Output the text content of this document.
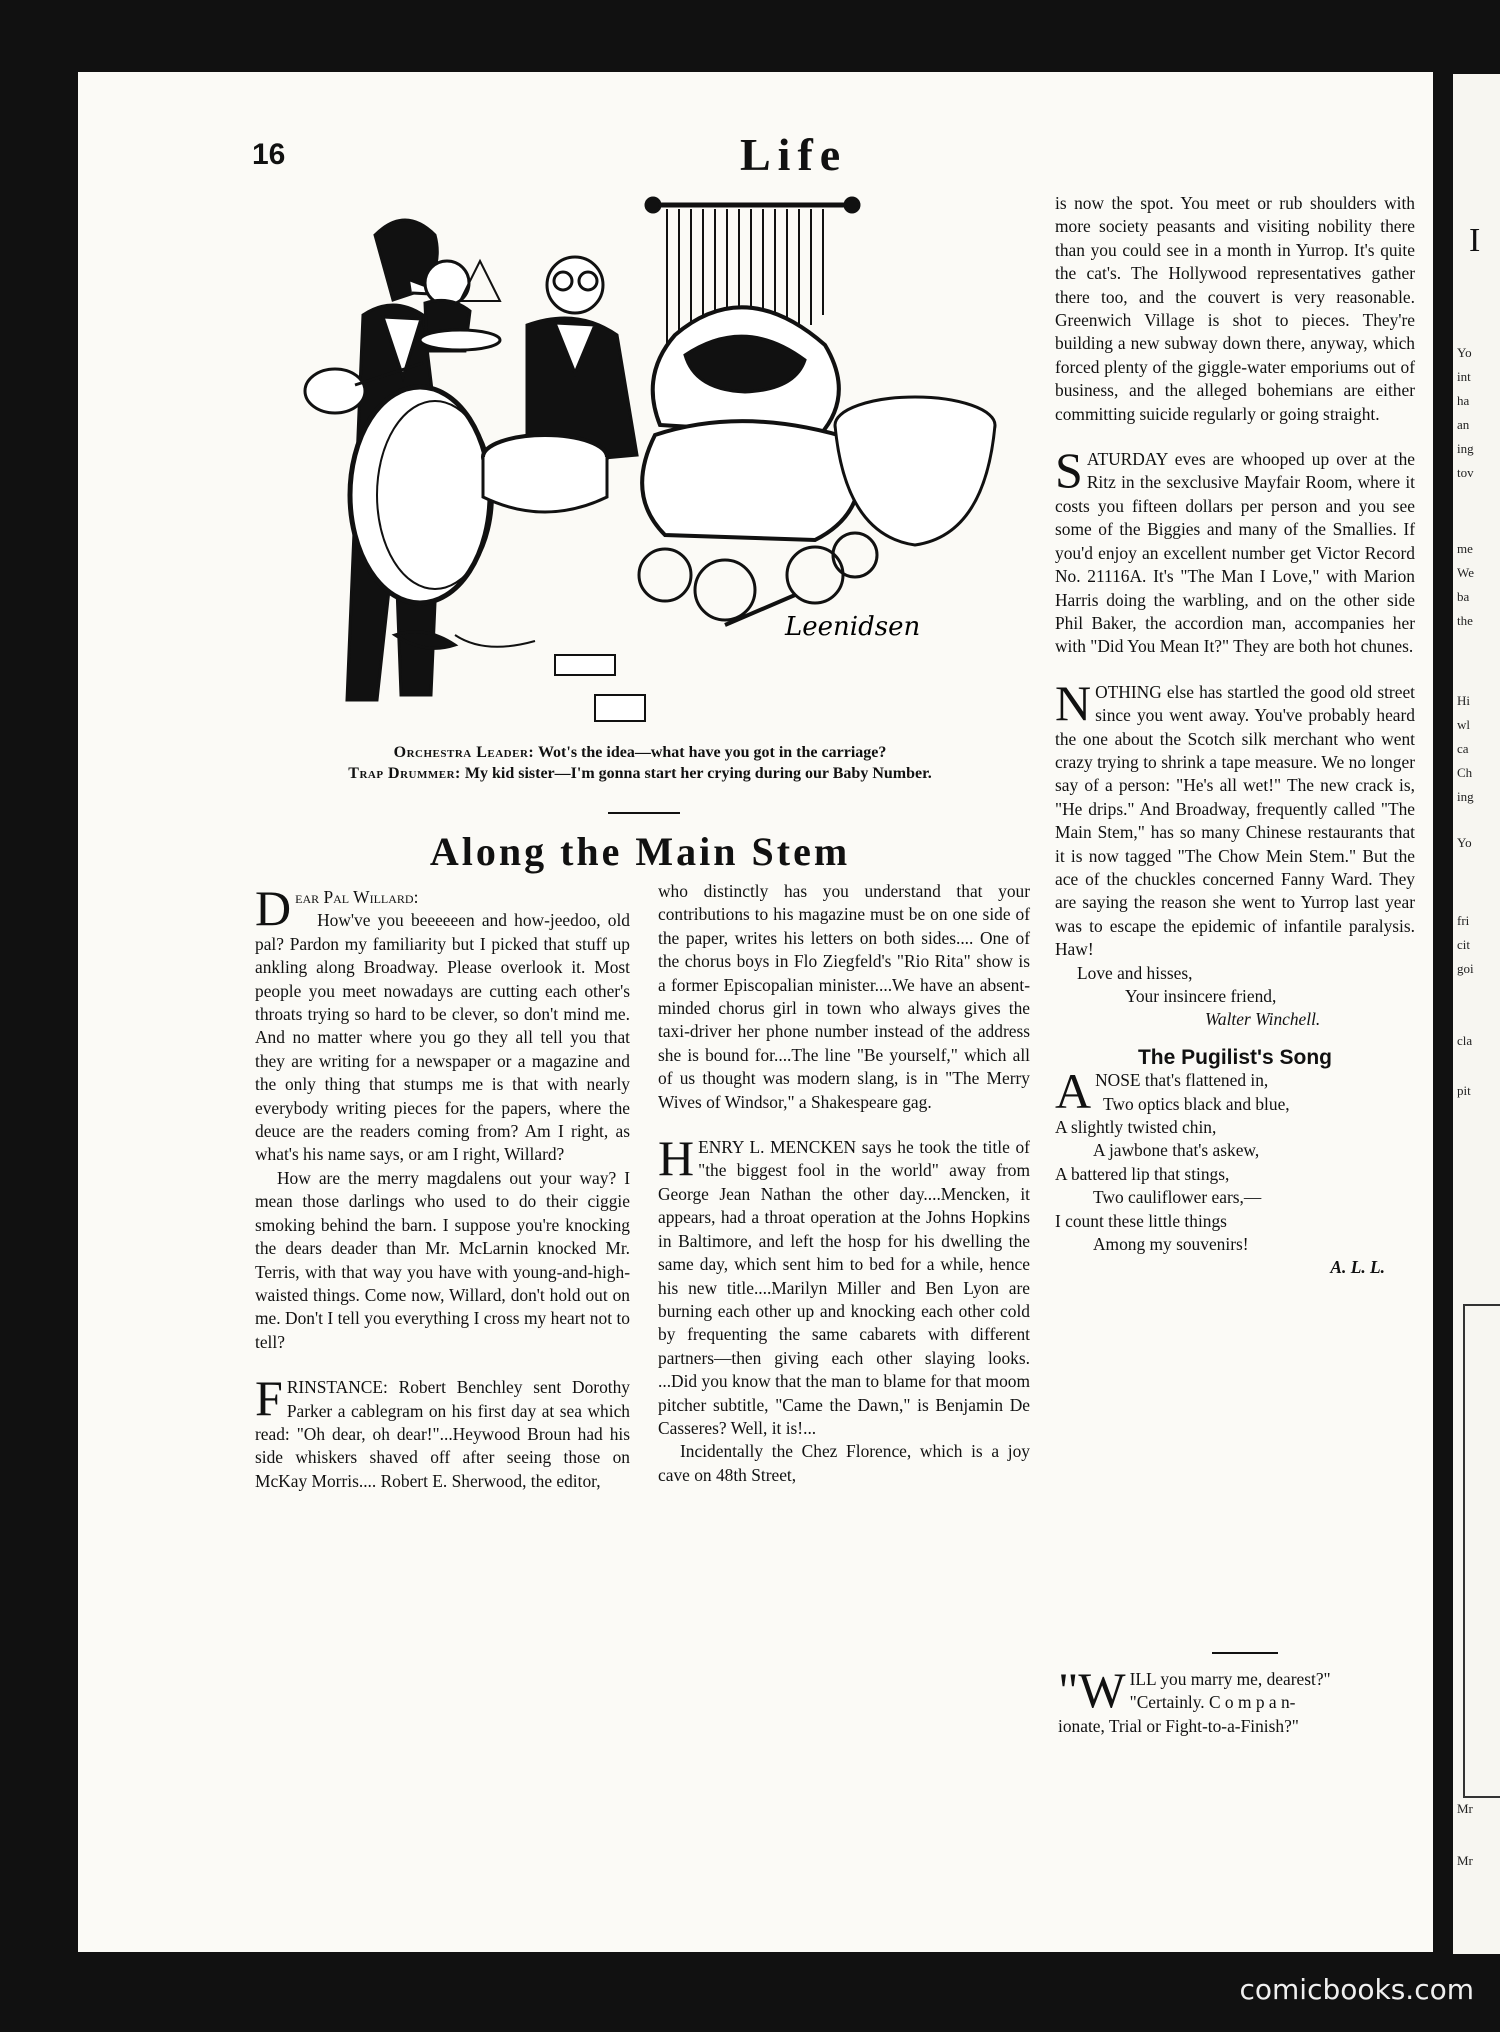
I
Yo
int
ha
an
ing
tov
me
We
ba
the
Hi
wl
ca
Ch
ing
Yo
fri
cit
goi
cla
pit
Mr
Mr
16	Life
Leenidsen
Orchestra Leader: Wot's the idea—what have you got in the carriage?
Trap Drummer: My kid sister—I'm gonna start her crying during our Baby Number.
Along the Main Stem

Dear Pal Willard:

How've you beeeeeen and how-jeedoo, old pal? Pardon my familiarity but I picked that stuff up ankling along Broadway. Please overlook it. Most people you meet nowadays are cutting each other's throats trying so hard to be clever, so don't mind me. And no matter where you go they all tell you that they are writing for a newspaper or a magazine and the only thing that stumps me is that with nearly everybody writing pieces for the papers, where the deuce are the readers coming from? Am I right, as what's his name says, or am I right, Willard?

How are the merry magdalens out your way? I mean those darlings who used to do their ciggie smoking behind the barn. I suppose you're knocking the dears deader than Mr. McLarnin knocked Mr. Terris, with that way you have with young-and-high-waisted things. Come now, Willard, don't hold out on me. Don't I tell you everything I cross my heart not to tell?

FRINSTANCE: Robert Benchley sent Dorothy Parker a cablegram on his first day at sea which read: "Oh dear, oh dear!"...Heywood Broun had his side whiskers shaved off after seeing those on McKay Morris.... Robert E. Sherwood, the editor,

who distinctly has you understand that your contributions to his magazine must be on one side of the paper, writes his letters on both sides.... One of the chorus boys in Flo Ziegfeld's "Rio Rita" show is a former Episcopalian minister....We have an absent-minded chorus girl in town who always gives the taxi-driver her phone number instead of the address she is bound for....The line "Be yourself," which all of us thought was modern slang, is in "The Merry Wives of Windsor," a Shakespeare gag.

HENRY L. MENCKEN says he took the title of "the biggest fool in the world" away from George Jean Nathan the other day....Mencken, it appears, had a throat operation at the Johns Hopkins in Baltimore, and left the hosp for his dwelling the same day, which sent him to bed for a while, hence his new title....Marilyn Miller and Ben Lyon are burning each other up and knocking each other cold by frequenting the same cabarets with different partners—then giving each other slaying looks. ...Did you know that the man to blame for that moom pitcher subtitle, "Came the Dawn," is Benjamin De Casseres? Well, it is!...

Incidentally the Chez Florence, which is a joy cave on 48th Street,

is now the spot. You meet or rub shoulders with more society peasants and visiting nobility there than you could see in a month in Yurrop. It's quite the cat's. The Hollywood representatives gather there too, and the couvert is very reasonable. Greenwich Village is shot to pieces. They're building a new subway down there, anyway, which forced plenty of the giggle-water emporiums out of business, and the alleged bohemians are either committing suicide regularly or going straight.

SATURDAY eves are whooped up over at the Ritz in the sexclusive Mayfair Room, where it costs you fifteen dollars per person and you see some of the Biggies and many of the Smallies. If you'd enjoy an excellent number get Victor Record No. 21116A. It's "The Man I Love," with Marion Harris doing the warbling, and on the other side Phil Baker, the accordion man, accompanies her with "Did You Mean It?" They are both hot chunes.

NOTHING else has startled the good old street since you went away. You've probably heard the one about the Scotch silk merchant who went crazy trying to shrink a tape measure. We no longer say of a person: "He's all wet!" The new crack is, "He drips." And Broadway, frequently called "The Main Stem," has so many Chinese restaurants that it is now tagged "The Chow Mein Stem." But the ace of the chuckles concerned Fanny Ward. They are saying the reason she went to Yurrop last year was to escape the epidemic of infantile paralysis. Haw!

Love and hisses,

Your insincere friend,

Walter Winchell.

The Pugilist's Song
ANOSE that's flattened in,
Two optics black and blue,
A slightly twisted chin,
A jawbone that's askew,
A battered lip that stings,
Two cauliflower ears,—
I count these little things
Among my souvenirs!
A. L. L.

"WILL you marry me, dearest?"

"Certainly. C o m p a n-

ionate, Trial or Fight-to-a-Finish?"

comicbooks.com
